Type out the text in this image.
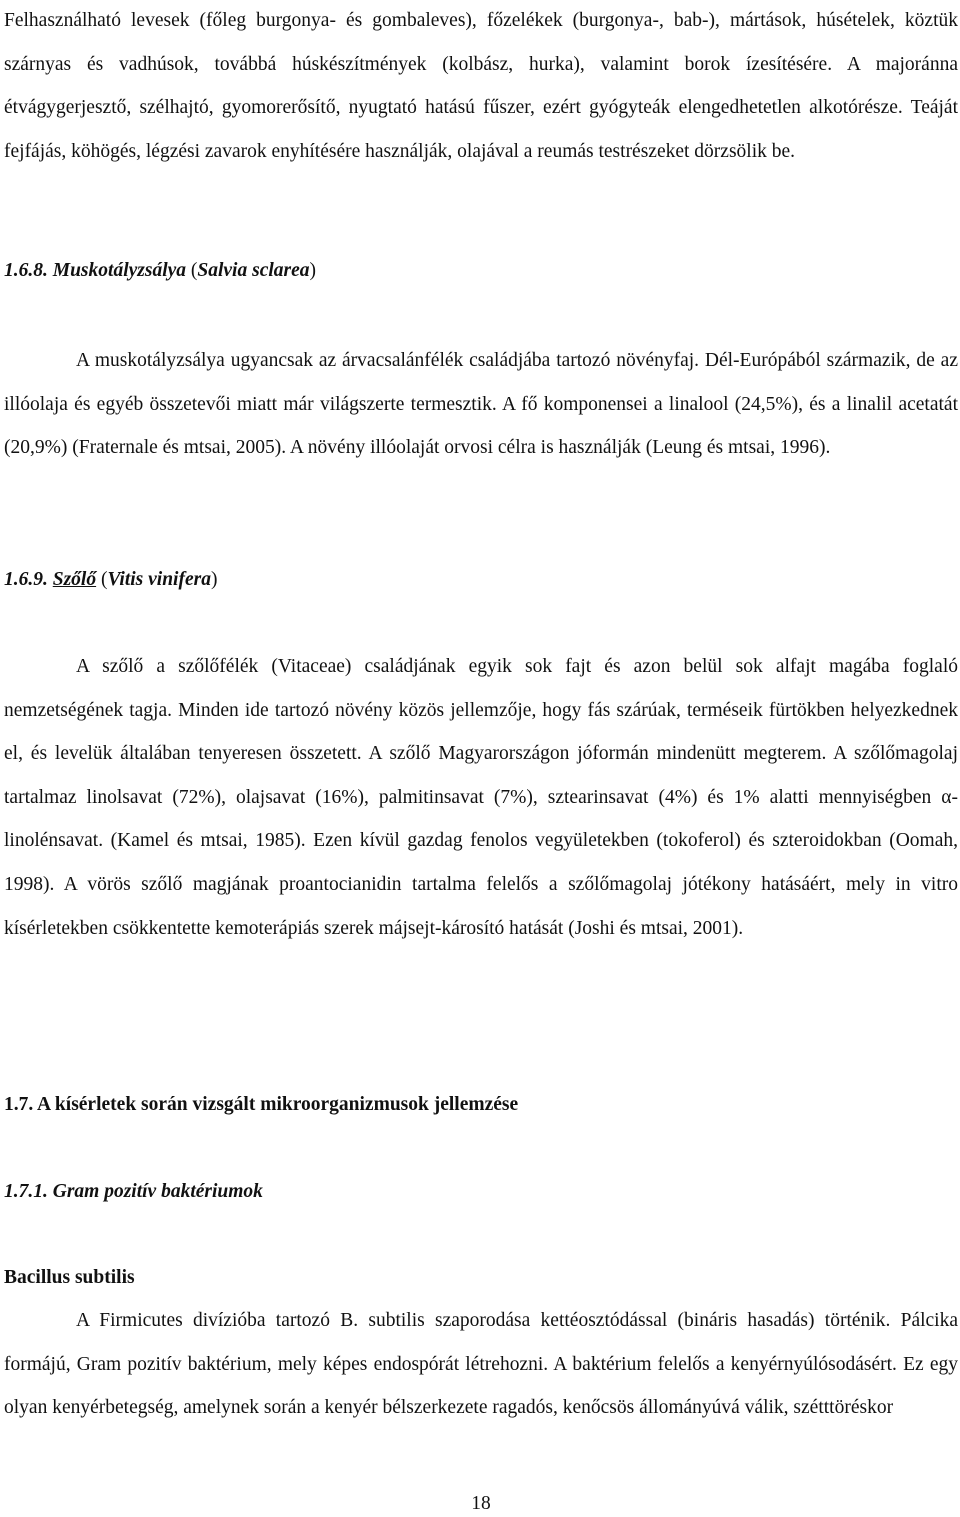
Felhasználható levesek (főleg burgonya- és gombaleves), főzelékek (burgonya-, bab-), mártások, húsételek, köztük szárnyas és vadhúsok, továbbá húskészítmények (kolbász, hurka), valamint borok ízesítésére. A majoránna étvágygerjesztő, szélhajtó, gyomorerősítő, nyugtató hatású fűszer, ezért gyógyteák elengedhetetlen alkotórésze. Teáját fejfájás, köhögés, légzési zavarok enyhítésére használják, olajával a reumás testrészeket dörzsölik be.

1.6.8. Muskotályzsálya (Salvia sclarea)

A muskotályzsálya ugyancsak az árvacsalánfélék családjába tartozó növényfaj. Dél-Európából származik, de az illóolaja és egyéb összetevői miatt már világszerte termesztik. A fő komponensei a linalool (24,5%), és a linalil acetatát (20,9%) (Fraternale és mtsai, 2005). A növény illóolaját orvosi célra is használják (Leung és mtsai, 1996).

1.6.9. Szőlő (Vitis vinifera)

A szőlő a szőlőfélék (Vitaceae) családjának egyik sok fajt és azon belül sok alfajt magába foglaló nemzetségének tagja. Minden ide tartozó növény közös jellemzője, hogy fás szárúak, terméseik fürtökben helyezkednek el, és levelük általában tenyeresen összetett. A szőlő Magyarországon jóformán mindenütt megterem. A szőlőmagolaj tartalmaz linolsavat (72%), olajsavat (16%), palmitinsavat (7%), sztearinsavat (4%) és 1% alatti mennyiségben α-linolénsavat. (Kamel és mtsai, 1985). Ezen kívül gazdag fenolos vegyületekben (tokoferol) és szteroidokban (Oomah, 1998). A vörös szőlő magjának proantocianidin tartalma felelős a szőlőmagolaj jótékony hatásáért, mely in vitro kísérletekben csökkentette kemoterápiás szerek májsejt-károsító hatását (Joshi és mtsai, 2001).

1.7. A kísérletek során vizsgált mikroorganizmusok jellemzése

1.7.1. Gram pozitív baktériumok

Bacillus subtilis

A Firmicutes divízióba tartozó B. subtilis szaporodása kettéosztódással (bináris hasadás) történik. Pálcika formájú, Gram pozitív baktérium, mely képes endospórát létrehozni. A baktérium felelős a kenyérnyúlósodásért. Ez egy olyan kenyérbetegség, amelynek során a kenyér bélszerkezete ragadós, kenőcsös állományúvá válik, szétttöréskor

18
